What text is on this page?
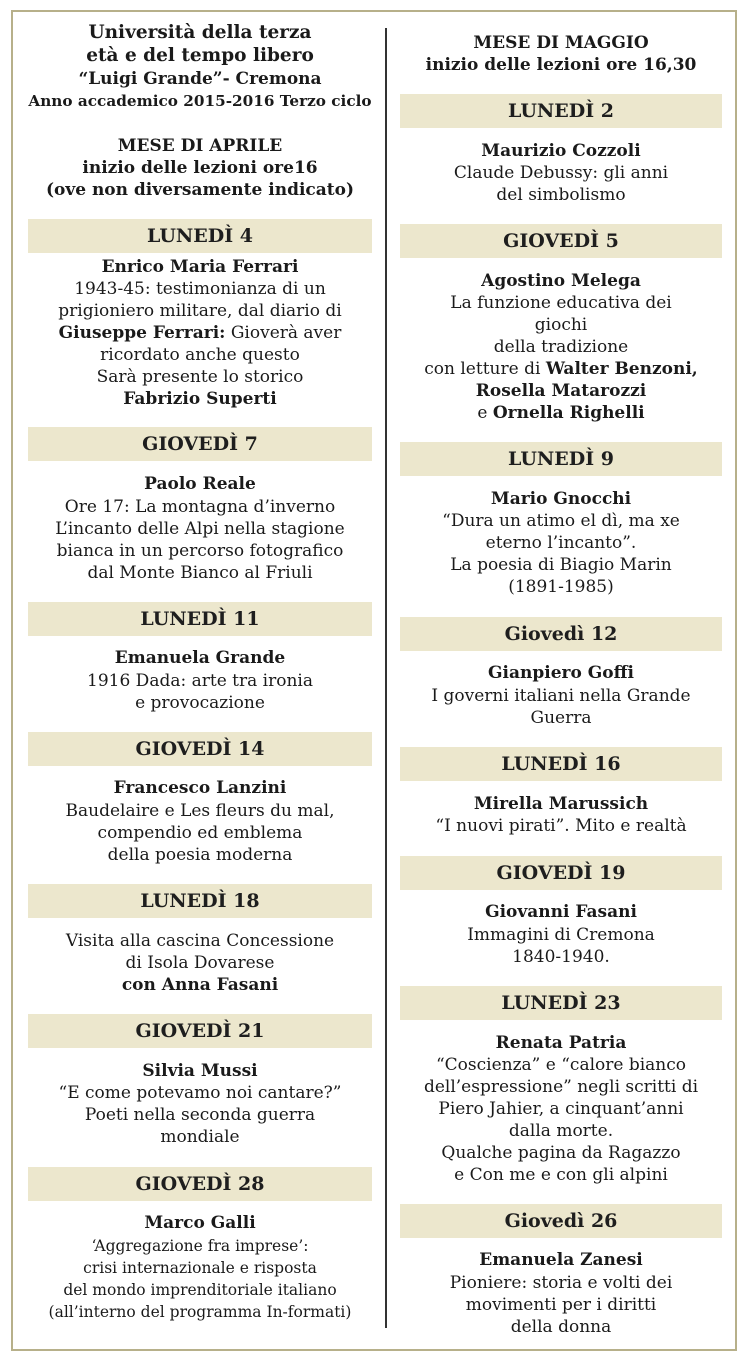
Università della terza
età e del tempo libero
“Luigi Grande”- Cremona
Anno accademico 2015-2016 Terzo ciclo
MESE DI APRILE
inizio delle lezioni ore16
(ove non diversamente indicato)
LUNEDÌ 4
Enrico Maria Ferrari
1943-45: testimonianza di un
prigioniero militare, dal diario di
Giuseppe Ferrari: Gioverà aver
ricordato anche questo
Sarà presente lo storico
Fabrizio Superti
GIOVEDÌ 7
Paolo Reale
Ore 17: La montagna d’inverno
L’incanto delle Alpi nella stagione
bianca in un percorso fotografico
dal Monte Bianco al Friuli
LUNEDÌ 11
Emanuela Grande
1916 Dada: arte tra ironia
e provocazione
GIOVEDÌ 14
Francesco Lanzini
Baudelaire e Les fleurs du mal,
compendio ed emblema
della poesia moderna
LUNEDÌ 18
Visita alla cascina Concessione
di Isola Dovarese
con Anna Fasani
GIOVEDÌ 21
Silvia Mussi
“E come potevamo noi cantare?”
Poeti nella seconda guerra
mondiale
GIOVEDÌ 28
Marco Galli
‘Aggregazione fra imprese’:
crisi internazionale e risposta
del mondo imprenditoriale italiano
(all’interno del programma In-formati)
MESE DI MAGGIO
inizio delle lezioni ore 16,30
LUNEDÌ 2
Maurizio Cozzoli
Claude Debussy: gli anni
del simbolismo
GIOVEDÌ 5
Agostino Melega
La funzione educativa dei
giochi
della tradizione
con letture di Walter Benzoni,
Rosella Matarozzi
e Ornella Righelli
LUNEDÌ 9
Mario Gnocchi
“Dura un atimo el dì, ma xe
eterno l’incanto”.
La poesia di Biagio Marin
(1891-1985)
Giovedì 12
Gianpiero Goffi
I governi italiani nella Grande
Guerra
LUNEDÌ 16
Mirella Marussich
“I nuovi pirati”. Mito e realtà
GIOVEDÌ 19
Giovanni Fasani
Immagini di Cremona
1840-1940.
LUNEDÌ 23
Renata Patria
“Coscienza” e “calore bianco
dell’espressione” negli scritti di
Piero Jahier, a cinquant’anni
dalla morte.
Qualche pagina da Ragazzo
e Con me e con gli alpini
Giovedì 26
Emanuela Zanesi
Pioniere: storia e volti dei
movimenti per i diritti
della donna
